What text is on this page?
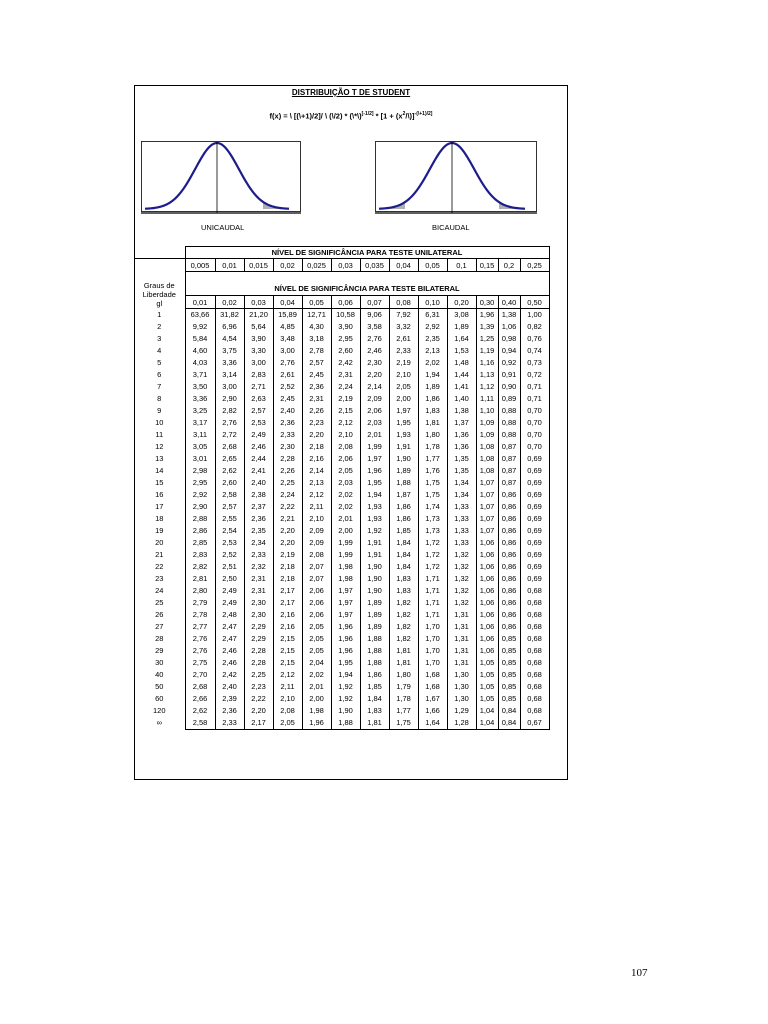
DISTRIBUIÇÃO T DE STUDENT
f(x) = \ [(\+1)/2]/ \ (\/2) * (\*\)[-1/2] * $[1 + (x^2/\backslash)]^{-(\backslash+1)/2]}$
UNICAUDAL	BICAUDAL
	NÍVEL DE SIGNIFICÂNCIA PARA TESTE UNILATERAL												

Graus de
Liberdade
gl	0,005	0,01	0,015	0,02	0,025	0,03	0,035	0,04	0,05	0,1	0,15	0,2	0,25
	NÍVEL DE SIGNIFICÂNCIA PARA TESTE BILATERAL												
	0,01	0,02	0,03	0,04	0,05	0,06	0,07	0,08	0,10	0,20	0,30	0,40	0,50
1	63,66	31,82	21,20	15,89	12,71	10,58	9,06	7,92	6,31	3,08	1,96	1,38	1,00
2	9,92	6,96	5,64	4,85	4,30	3,90	3,58	3,32	2,92	1,89	1,39	1,06	0,82
3	5,84	4,54	3,90	3,48	3,18	2,95	2,76	2,61	2,35	1,64	1,25	0,98	0,76
4	4,60	3,75	3,30	3,00	2,78	2,60	2,46	2,33	2,13	1,53	1,19	0,94	0,74
5	4,03	3,36	3,00	2,76	2,57	2,42	2,30	2,19	2,02	1,48	1,16	0,92	0,73
6	3,71	3,14	2,83	2,61	2,45	2,31	2,20	2,10	1,94	1,44	1,13	0,91	0,72
7	3,50	3,00	2,71	2,52	2,36	2,24	2,14	2,05	1,89	1,41	1,12	0,90	0,71
8	3,36	2,90	2,63	2,45	2,31	2,19	2,09	2,00	1,86	1,40	1,11	0,89	0,71
9	3,25	2,82	2,57	2,40	2,26	2,15	2,06	1,97	1,83	1,38	1,10	0,88	0,70
10	3,17	2,76	2,53	2,36	2,23	2,12	2,03	1,95	1,81	1,37	1,09	0,88	0,70
11	3,11	2,72	2,49	2,33	2,20	2,10	2,01	1,93	1,80	1,36	1,09	0,88	0,70
12	3,05	2,68	2,46	2,30	2,18	2,08	1,99	1,91	1,78	1,36	1,08	0,87	0,70
13	3,01	2,65	2,44	2,28	2,16	2,06	1,97	1,90	1,77	1,35	1,08	0,87	0,69
14	2,98	2,62	2,41	2,26	2,14	2,05	1,96	1,89	1,76	1,35	1,08	0,87	0,69
15	2,95	2,60	2,40	2,25	2,13	2,03	1,95	1,88	1,75	1,34	1,07	0,87	0,69
16	2,92	2,58	2,38	2,24	2,12	2,02	1,94	1,87	1,75	1,34	1,07	0,86	0,69
17	2,90	2,57	2,37	2,22	2,11	2,02	1,93	1,86	1,74	1,33	1,07	0,86	0,69
18	2,88	2,55	2,36	2,21	2,10	2,01	1,93	1,86	1,73	1,33	1,07	0,86	0,69
19	2,86	2,54	2,35	2,20	2,09	2,00	1,92	1,85	1,73	1,33	1,07	0,86	0,69
20	2,85	2,53	2,34	2,20	2,09	1,99	1,91	1,84	1,72	1,33	1,06	0,86	0,69
21	2,83	2,52	2,33	2,19	2,08	1,99	1,91	1,84	1,72	1,32	1,06	0,86	0,69
22	2,82	2,51	2,32	2,18	2,07	1,98	1,90	1,84	1,72	1,32	1,06	0,86	0,69
23	2,81	2,50	2,31	2,18	2,07	1,98	1,90	1,83	1,71	1,32	1,06	0,86	0,69
24	2,80	2,49	2,31	2,17	2,06	1,97	1,90	1,83	1,71	1,32	1,06	0,86	0,68
25	2,79	2,49	2,30	2,17	2,06	1,97	1,89	1,82	1,71	1,32	1,06	0,86	0,68
26	2,78	2,48	2,30	2,16	2,06	1,97	1,89	1,82	1,71	1,31	1,06	0,86	0,68
27	2,77	2,47	2,29	2,16	2,05	1,96	1,89	1,82	1,70	1,31	1,06	0,86	0,68
28	2,76	2,47	2,29	2,15	2,05	1,96	1,88	1,82	1,70	1,31	1,06	0,85	0,68
29	2,76	2,46	2,28	2,15	2,05	1,96	1,88	1,81	1,70	1,31	1,06	0,85	0,68
30	2,75	2,46	2,28	2,15	2,04	1,95	1,88	1,81	1,70	1,31	1,05	0,85	0,68
40	2,70	2,42	2,25	2,12	2,02	1,94	1,86	1,80	1,68	1,30	1,05	0,85	0,68
50	2,68	2,40	2,23	2,11	2,01	1,92	1,85	1,79	1,68	1,30	1,05	0,85	0,68
60	2,66	2,39	2,22	2,10	2,00	1,92	1,84	1,78	1,67	1,30	1,05	0,85	0,68
120	2,62	2,36	2,20	2,08	1,98	1,90	1,83	1,77	1,66	1,29	1,04	0,84	0,68
∞	2,58	2,33	2,17	2,05	1,96	1,88	1,81	1,75	1,64	1,28	1,04	0,84	0,67
107
